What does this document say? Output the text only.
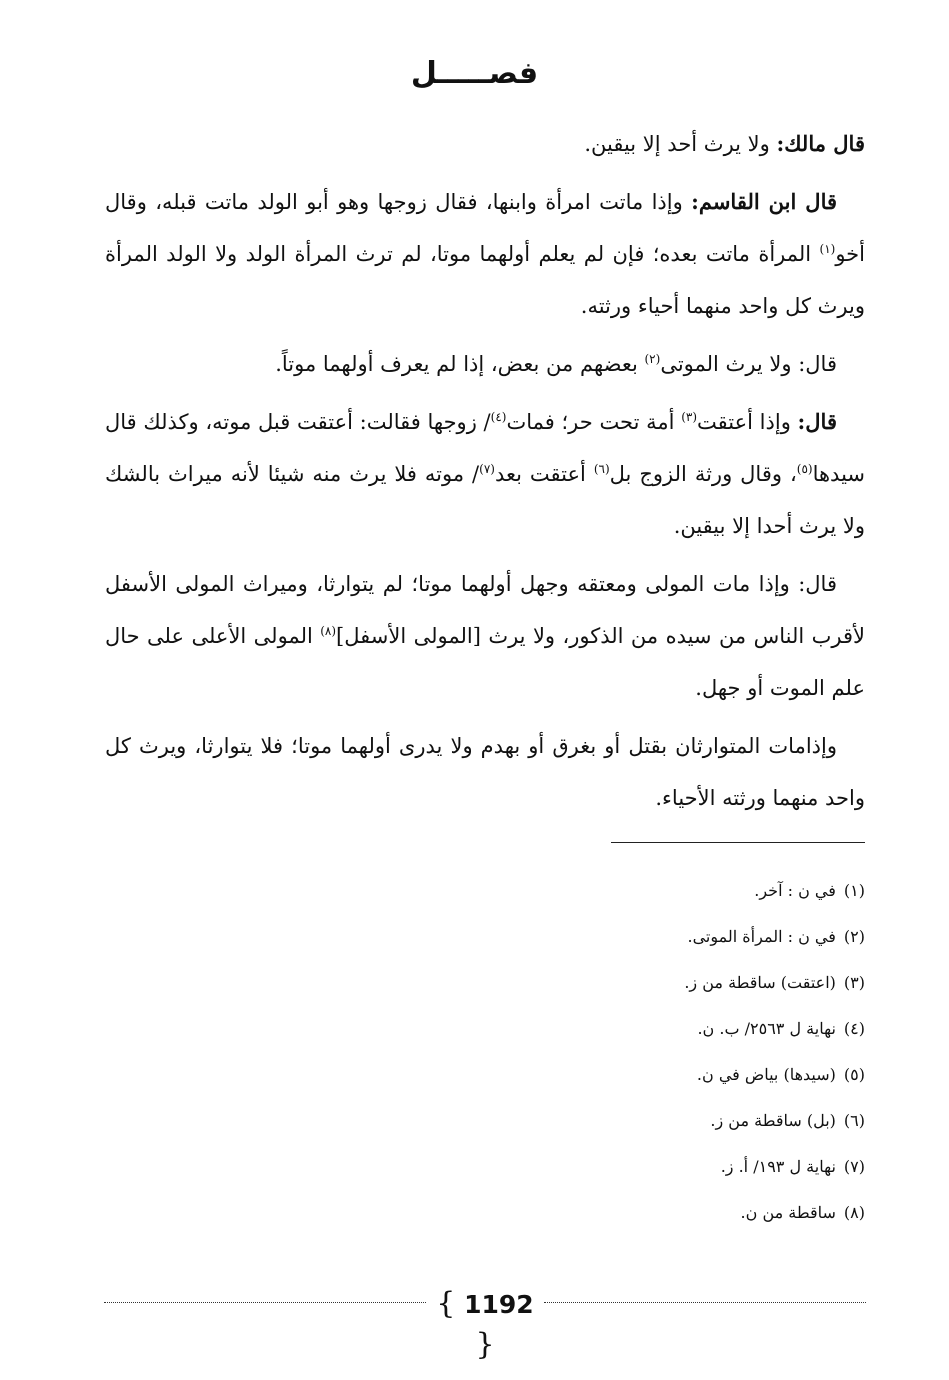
فصـــــل

قال مالك: ولا يرث أحد إلا بيقين.

قال ابن القاسم: وإذا ماتت امرأة وابنها، فقال زوجها وهو أبو الولد ماتت قبله، وقال أخو$^{(١)}$ المرأة ماتت بعده؛ فإن لم يعلم أولهما موتا، لم ترث المرأة الولد ولا الولد المرأة ويرث كل واحد منهما أحياء ورثته.

قال: ولا يرث الموتى$^{(٢)}$ بعضهم من بعض، إذا لم يعرف أولهما موتاً.

قال: وإذا أعتقت$^{(٣)}$ أمة تحت حر؛ فمات$^{(٤)}$/ زوجها فقالت: أعتقت قبل موته، وكذلك قال سيدها$^{(٥)}$، وقال ورثة الزوج بل$^{(٦)}$ أعتقت بعد$^{(٧)}$/ موته فلا يرث منه شيئا لأنه ميراث بالشك ولا يرث أحدا إلا بيقين.

قال: وإذا مات المولى ومعتقه وجهل أولهما موتا؛ لم يتوارثا، وميراث المولى الأسفل لأقرب الناس من سيده من الذكور، ولا يرث [المولى الأسفل]$^{(٨)}$ المولى الأعلى على حال علم الموت أو جهل.

وإذامات المتوارثان بقتل أو بغرق أو بهدم ولا يدرى أولهما موتا؛ فلا يتوارثا، ويرث كل واحد منهما ورثته الأحياء.

(١)في ن : آخر.
(٢)في ن : المرأة الموتى.
(٣)(اعتقت) ساقطة من ز.
(٤)نهاية ل ٢٥٦٣/ ب. ن.
(٥)(سيدها) بياض في ن.
(٦)(بل) ساقطة من ز.
(٧)نهاية ل ١٩٣/ أ. ز.
(٨)ساقطة من ن.
{ 1192 }
